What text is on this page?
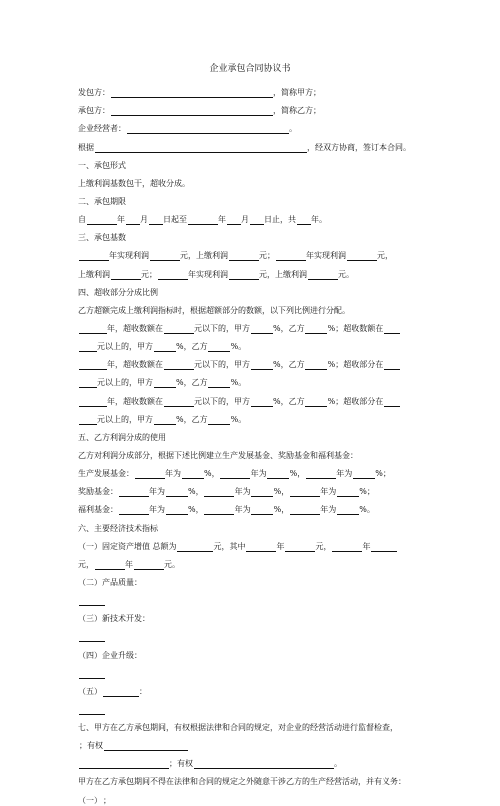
企业承包合同协议书
发包方：	，简称甲方；
承包方：	，简称乙方；
企业经营者：	。
根据	，经双方协商，签订本合同。
一、承包形式
上缴利润基数包干，超收分成。
二、承包期限
自	年 月 日起至	年 月 日止，共 年。
三、承包基数
年实现利润	元，上缴利润	元；	年实现利润	元，
上缴利润	元；	年实现利润	元，上缴利润	元。
四、超收部分分成比例
乙方超额完成上缴利润指标时，根据超额部分的数额，以下列比例进行分配。
年，超收数额在	元以下的，甲方	%，乙方	%；超收数额在
元以上的，甲方	%，乙方	%。
年，超收数额在	元以下的，甲方	%，乙方	%；超收部分在
元以上的，甲方	%，乙方	%。
年，超收数额在	元以下的，甲方	%，乙方	%；超收部分在
元以上的，甲方	%，乙方	%。
五、乙方利润分成的使用
乙方对利润分成部分，根据下述比例建立生产发展基金、奖励基金和福利基金：
生产发展基金：	年为	%，	年为	%，	年为	%；
奖励基金：	年为	%，	年为	%，	年为	%；
福利基金：	年为	%，	年为	%，	年为	%。
六、主要经济技术指标
（一）固定资产增值 总额为	元，其中	年	元，	年
元，	年	元。
（二）产品质量：
（三）新技术开发：
（四）企业升级：
（五）	：
七、甲方在乙方承包期间，有权根据法律和合同的规定，对企业的经营活动进行监督检查，
；有权
；有权	。
甲方在乙方承包期间不得在法律和合同的规定之外随意干涉乙方的生产经营活动，并有义务：
（一） ；
